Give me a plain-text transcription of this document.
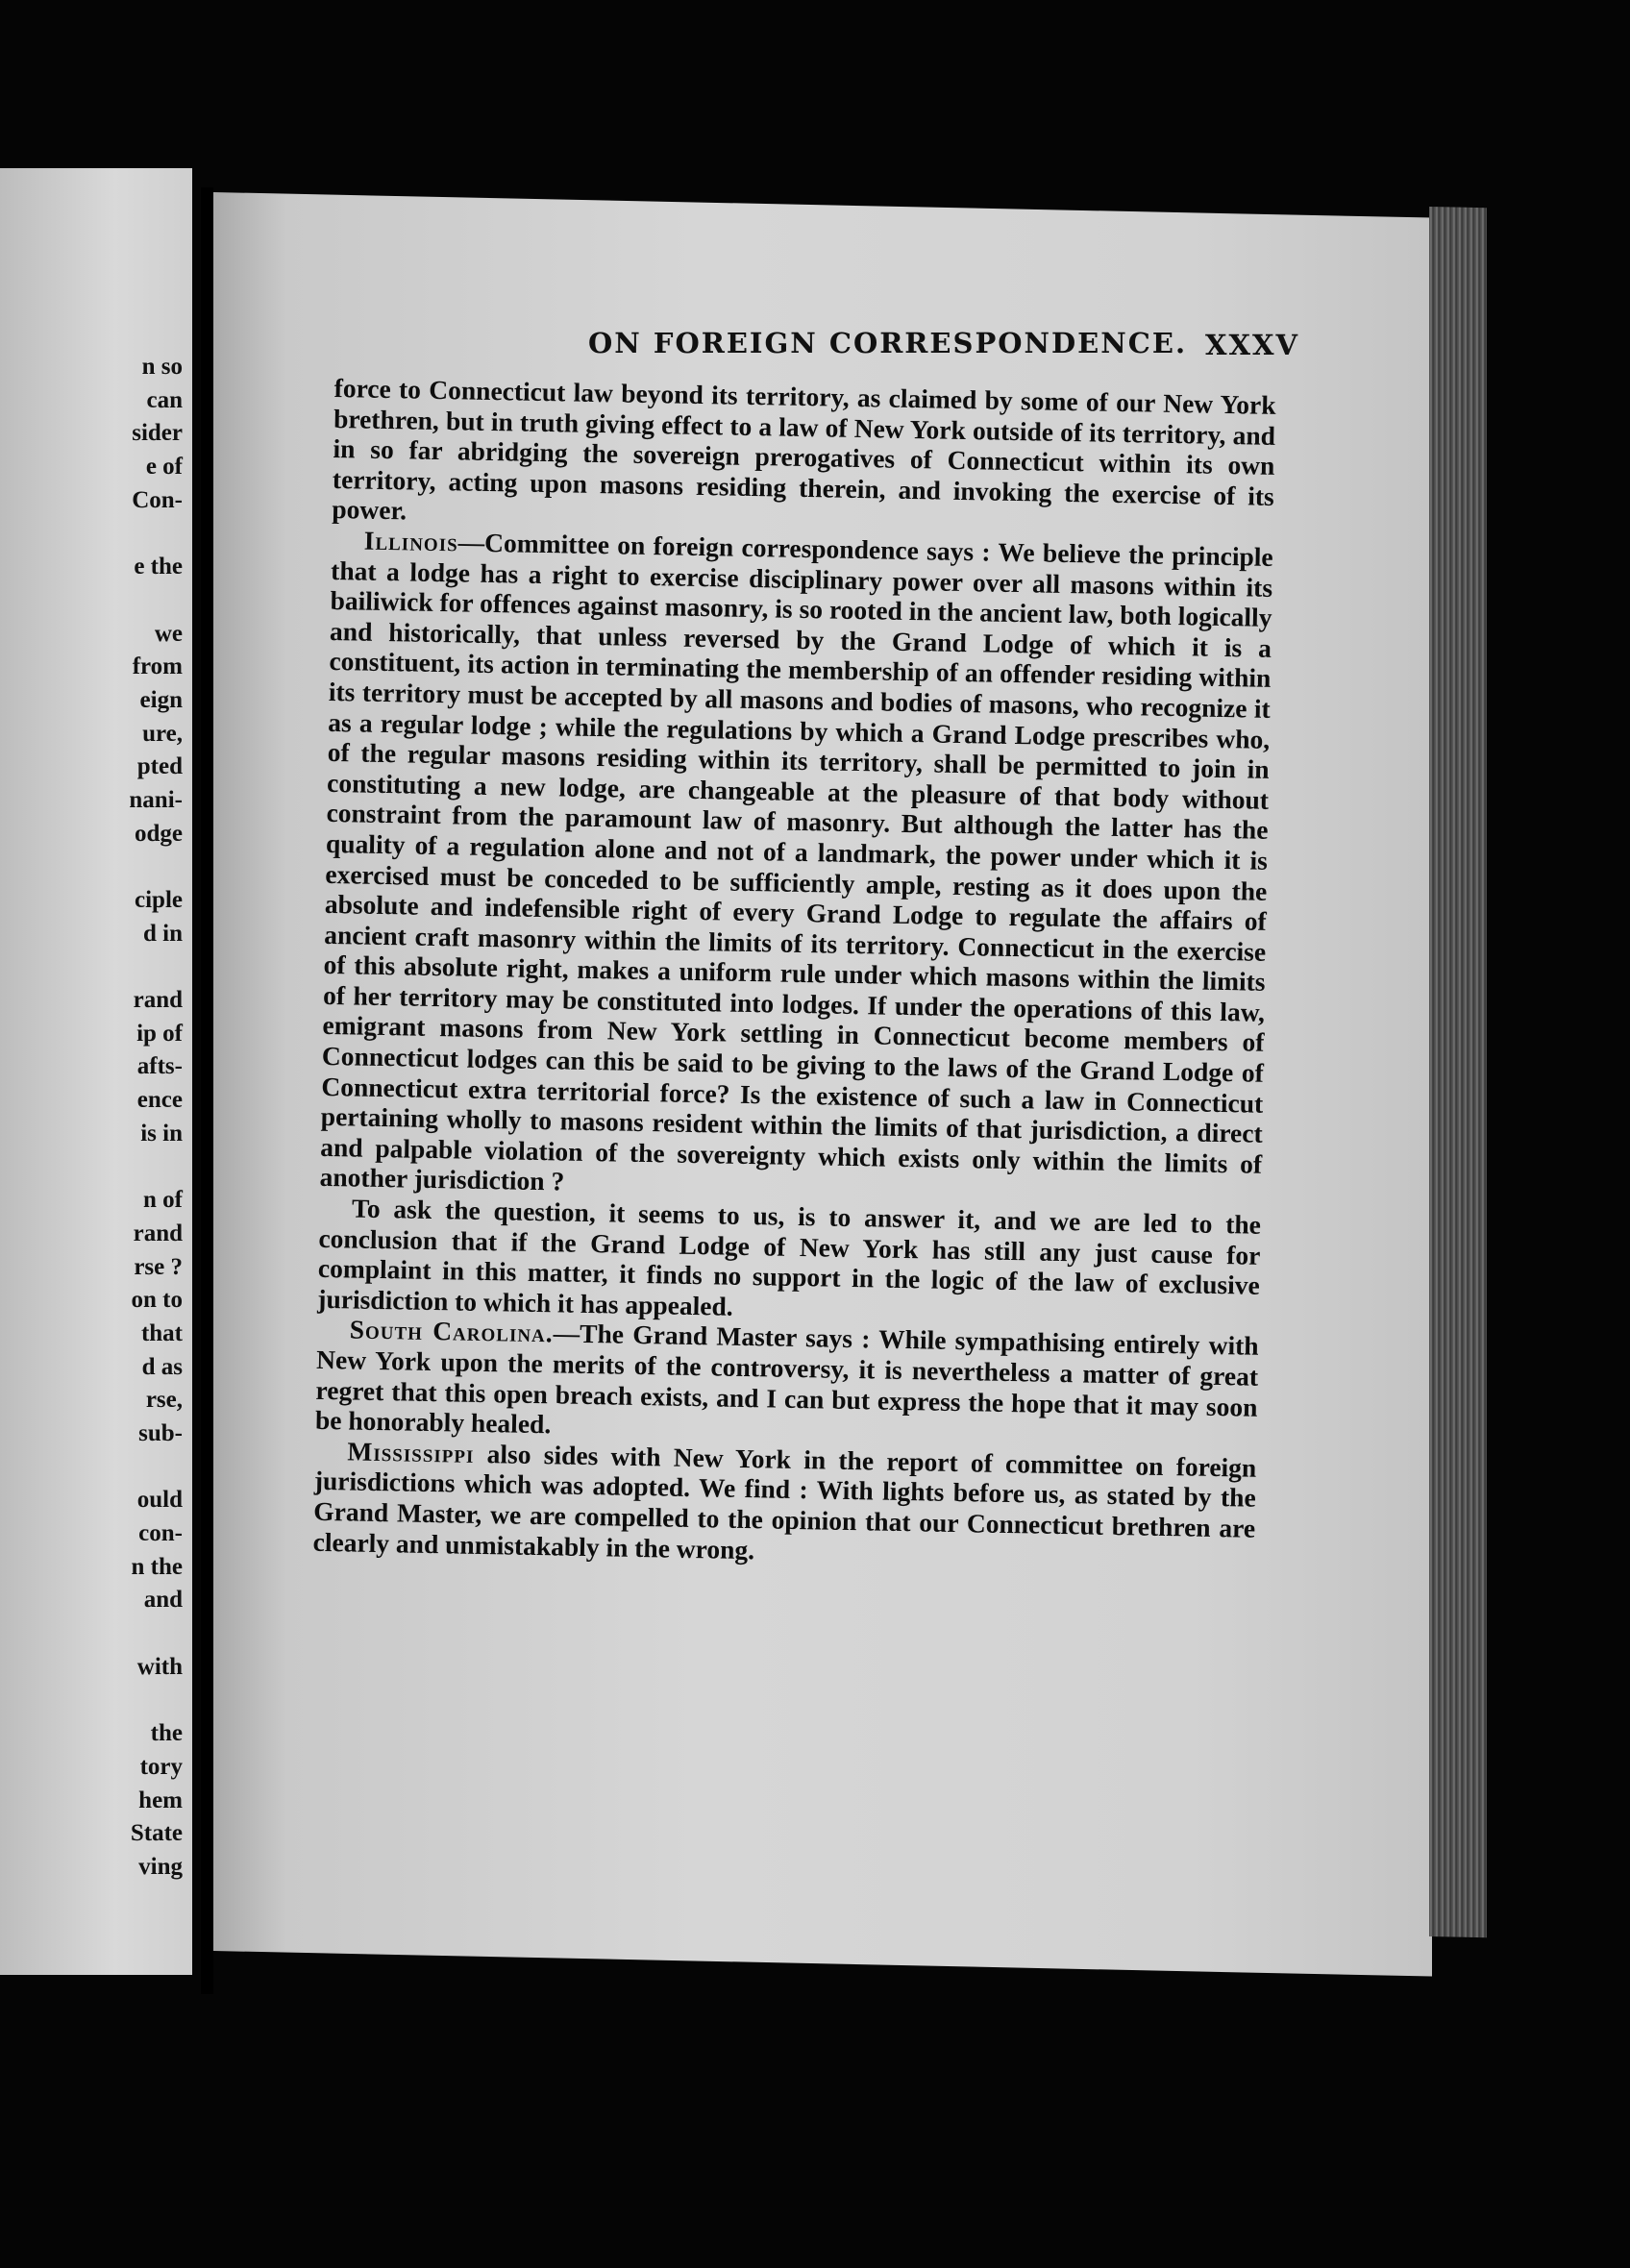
n so
can
sider
e of
Con-
e the
we
from
eign
ure,
pted
nani-
odge
ciple
d in
rand
ip of
afts-
ence
is in
n of
rand
rse ?
on to
that
d as
rse,
sub-
ould
con-
n the
and
with
the
tory
hem
State
ving
ON FOREIGN CORRESPONDENCE. XXXV

force to Connecticut law beyond its territory, as claimed by some of our New York brethren, but in truth giving effect to a law of New York outside of its territory, and in so far abridging the sovereign prerogatives of Connecticut within its own territory, acting upon masons residing therein, and invoking the exercise of its power.

Illinois—Committee on foreign correspondence says : We believe the principle that a lodge has a right to exercise disciplinary power over all masons within its bailiwick for offences against masonry, is so rooted in the ancient law, both logically and historically, that unless reversed by the Grand Lodge of which it is a constituent, its action in terminating the membership of an offender residing within its territory must be accepted by all masons and bodies of masons, who recognize it as a regular lodge ; while the regulations by which a Grand Lodge prescribes who, of the regular masons residing within its territory, shall be permitted to join in constituting a new lodge, are changeable at the pleasure of that body without constraint from the paramount law of masonry. But although the latter has the quality of a regulation alone and not of a landmark, the power under which it is exercised must be conceded to be sufficiently ample, resting as it does upon the absolute and indefensible right of every Grand Lodge to regulate the affairs of ancient craft masonry within the limits of its territory. Connecticut in the exercise of this absolute right, makes a uniform rule under which masons within the limits of her territory may be constituted into lodges. If under the operations of this law, emigrant masons from New York settling in Connecticut become members of Connecticut lodges can this be said to be giving to the laws of the Grand Lodge of Connecticut extra territorial force? Is the existence of such a law in Connecticut pertaining wholly to masons resident within the limits of that jurisdiction, a direct and palpable violation of the sovereignty which exists only within the limits of another jurisdiction ?

To ask the question, it seems to us, is to answer it, and we are led to the conclusion that if the Grand Lodge of New York has still any just cause for complaint in this matter, it finds no support in the logic of the law of exclusive jurisdiction to which it has appealed.

South Carolina.—The Grand Master says : While sympathising entirely with New York upon the merits of the controversy, it is nevertheless a matter of great regret that this open breach exists, and I can but express the hope that it may soon be honorably healed.

Mississippi also sides with New York in the report of committee on foreign jurisdictions which was adopted. We find : With lights before us, as stated by the Grand Master, we are compelled to the opinion that our Connecticut brethren are clearly and unmistakably in the wrong.
